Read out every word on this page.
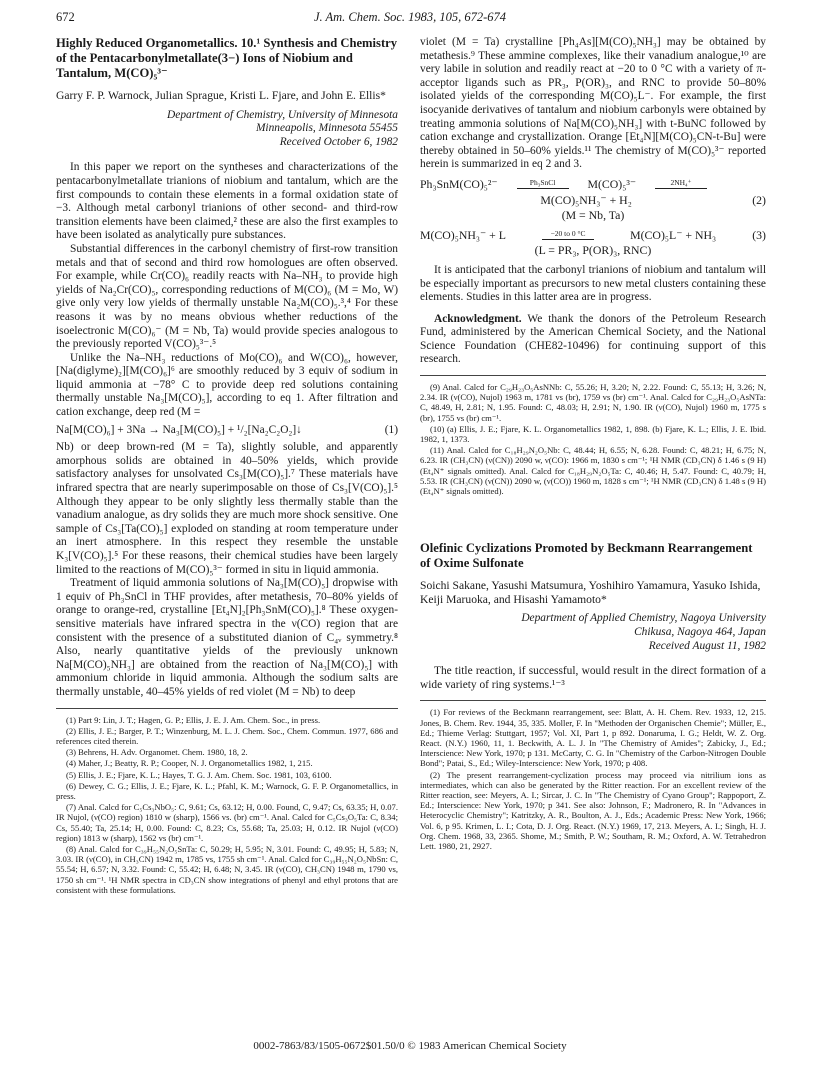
672	J. Am. Chem. Soc. 1983, 105, 672-674
Highly Reduced Organometallics. 10.¹ Synthesis and Chemistry of the Pentacarbonylmetallate(3−) Ions of Niobium and Tantalum, M(CO)₅³⁻
Garry F. P. Warnock, Julian Sprague, Kristi L. Fjare, and John E. Ellis*
Department of Chemistry, University of Minnesota
Minneapolis, Minnesota 55455
Received October 6, 1982

In this paper we report on the syntheses and characterizations of the pentacarbonylmetallate trianions of niobium and tantalum, which are the first compounds to contain these elements in a formal oxidation state of −3. Although metal carbonyl trianions of other second- and third-row transition elements have been claimed,² these are also the first examples to have been isolated as analytically pure substances.

Substantial differences in the carbonyl chemistry of first-row transition metals and that of second and third row homologues are often observed. For example, while Cr(CO)₆ readily reacts with Na–NH₃ to provide high yields of Na₂Cr(CO)₅, corresponding reductions of M(CO)₆ (M = Mo, W) give only very low yields of thermally unstable Na₂M(CO)₅.³,⁴ For these reasons it was by no means obvious whether reductions of the isoelectronic M(CO)₆⁻ (M = Nb, Ta) would provide species analogous to the previously reported V(CO)₅³⁻.⁵

Unlike the Na–NH₃ reductions of Mo(CO)₆ and W(CO)₆, however, [Na(diglyme)₂][M(CO)₆]⁶ are smoothly reduced by 3 equiv of sodium in liquid ammonia at −78° C to provide deep red solutions containing thermally unstable Na₃[M(CO)₅], according to eq 1. After filtration and cation exchange, deep red (M =

Na[M(CO)₆] + 3Na → Na₃[M(CO)₅] + ¹/₂[Na₂C₂O₂]↓	(1)

Nb) or deep brown-red (M = Ta), slightly soluble, and apparently amorphous solids are obtained in 40–50% yields, which provide satisfactory analyses for unsolvated Cs₃[M(CO)₅].⁷ These materials have infrared spectra that are nearly superimposable on those of Cs₃[V(CO)₅].⁵ Although they appear to be only slightly less thermally stable than the vanadium analogue, as dry solids they are much more shock sensitive. One sample of Cs₃[Ta(CO)₅] exploded on standing at room temperature under an inert atmosphere. In this respect they resemble the unstable K₃[V(CO)₅].⁵ For these reasons, their chemical studies have been largely limited to the reactions of M(CO)₅³⁻ formed in situ in liquid ammonia.

Treatment of liquid ammonia solutions of Na₃[M(CO)₅] dropwise with 1 equiv of Ph₃SnCl in THF provides, after metathesis, 70–80% yields of orange to orange-red, crystalline [Et₄N]₂[Ph₃SnM(CO)₅].⁸ These oxygen-sensitive materials have infrared spectra in the ν(CO) region that are consistent with the presence of a substituted dianion of C₄ᵥ symmetry.⁸ Also, nearly quantitative yields of the previously unknown Na[M(CO)₅NH₃] are obtained from the reaction of Na₃[M(CO)₅] with ammonium chloride in liquid ammonia. Although the sodium salts are thermally unstable, 40–45% yields of red violet (M = Nb) to deep

(1) Part 9: Lin, J. T.; Hagen, G. P.; Ellis, J. E. J. Am. Chem. Soc., in press.
(2) Ellis, J. E.; Barger, P. T.; Winzenburg, M. L. J. Chem. Soc., Chem. Commun. 1977, 686 and references cited therein.
(3) Behrens, H. Adv. Organomet. Chem. 1980, 18, 2.
(4) Maher, J.; Beatty, R. P.; Cooper, N. J. Organometallics 1982, 1, 215.
(5) Ellis, J. E.; Fjare, K. L.; Hayes, T. G. J. Am. Chem. Soc. 1981, 103, 6100.
(6) Dewey, C. G.; Ellis, J. E.; Fjare, K. L.; Pfahl, K. M.; Warnock, G. F. P. Organometallics, in press.
(7) Anal. Calcd for C₅Cs₃NbO₅: C, 9.61; Cs, 63.12; H, 0.00. Found, C, 9.47; Cs, 63.35; H, 0.07. IR Nujol, (ν(CO) region) 1810 w (sharp), 1566 vs. (br) cm⁻¹. Anal. Calcd for C₅Cs₃O₅Ta: C, 8.34; Cs, 55.40; Ta, 25.14; H, 0.00. Found: C, 8.23; Cs, 55.68; Ta, 25.03; H, 0.12. IR Nujol (ν(CO) region) 1813 w (sharp), 1562 vs (br) cm⁻¹.
(8) Anal. Calcd for C₃₉H₅₅N₂O₅SnTa: C, 50.29; H, 5.95; N, 3.01. Found: C, 49.95; H, 5.83; N, 3.03. IR (ν(CO), in CH₃CN) 1942 m, 1785 vs, 1755 sh cm⁻¹. Anal. Calcd for C₃₉H₅₅N₂O₅NbSn: C, 55.54; H, 6.57; N, 3.32. Found: C, 55.42; H, 6.48; N, 3.45. IR (ν(CO), CH₃CN) 1948 m, 1790 vs, 1750 sh cm⁻¹. ¹H NMR spectra in CD₃CN show integrations of phenyl and ethyl protons that are consistent with these formulations.

violet (M = Ta) crystalline [Ph₄As][M(CO)₅NH₃] may be obtained by metathesis.⁹ These ammine complexes, like their vanadium analogue,¹⁰ are very labile in solution and readily react at −20 to 0 °C with a variety of π-acceptor ligands such as PR₃, P(OR)₃, and RNC to provide 50–80% isolated yields of the corresponding M(CO)₅L⁻. For example, the first isocyanide derivatives of tantalum and niobium carbonyls were obtained by treating ammonia solutions of Na[M(CO)₅NH₃] with t-BuNC followed by cation exchange and crystallization. Orange [Et₄N][M(CO)₅CN-t-Bu] were thereby obtained in 50–60% yields.¹¹ The chemistry of M(CO)₅³⁻ reported herein is summarized in eq 2 and 3.

Ph₃SnM(CO)₅²⁻	Ph₃SnCl	M(CO)₅³⁻	2NH₄⁺
M(CO)₅NH₃⁻ + H₂	(2)
(M = Nb, Ta)
M(CO)₅NH₃⁻ + L	−20 to 0 °C	M(CO)₅L⁻ + NH₃	(3)
(L = PR₃, P(OR)₃, RNC)

It is anticipated that the carbonyl trianions of niobium and tantalum will be especially important as precursors to new metal clusters containing these elements. Studies in this latter area are in progress.

Acknowledgment. We thank the donors of the Petroleum Research Fund, administered by the American Chemical Society, and the National Science Foundation (CHE82-10496) for continuing support of this research.

(9) Anal. Calcd for C₂₉H₂₃O₅AsNNb: C, 55.26; H, 3.20; N, 2.22. Found: C, 55.13; H, 3.26; N, 2.34. IR (ν(CO), Nujol) 1963 m, 1781 vs (br), 1759 vs (br) cm⁻¹. Anal. Calcd for C₂₉H₂₃O₅AsNTa: C, 48.49, H, 2.81; N, 1.95. Found: C, 48.03; H, 2.91; N, 1.90. IR (ν(CO), Nujol) 1960 m, 1775 s (br), 1755 vs (br) cm⁻¹.
(10) (a) Ellis, J. E.; Fjare, K. L. Organometallics 1982, 1, 898. (b) Fjare, K. L.; Ellis, J. E. Ibid. 1982, 1, 1373.
(11) Anal. Calcd for C₁₈H₂₉N₂O₅Nb: C, 48.44; H, 6.55; N, 6.28. Found: C, 48.21; H, 6.75; N, 6.23. IR (CH₃CN) (ν(CN)) 2090 w, ν(CO): 1966 m, 1830 s cm⁻¹; ¹H NMR (CD₃CN) δ 1.46 s (9 H) (Et₄N⁺ signals omitted). Anal. Calcd for C₁₈H₂₉N₂O₅Ta: C, 40.46; H, 5.47. Found: C, 40.79; H, 5.53. IR (CH₃CN) (ν(CN)) 2090 w, (ν(CO)) 1960 m, 1828 s cm⁻¹; ¹H NMR (CD₃CN) δ 1.48 s (9 H) (Et₄N⁺ signals omitted).
Olefinic Cyclizations Promoted by Beckmann Rearrangement of Oxime Sulfonate
Soichi Sakane, Yasushi Matsumura, Yoshihiro Yamamura, Yasuko Ishida, Keiji Maruoka, and Hisashi Yamamoto*
Department of Applied Chemistry, Nagoya University
Chikusa, Nagoya 464, Japan
Received August 11, 1982

The title reaction, if successful, would result in the direct formation of a wide variety of ring systems.¹⁻³

(1) For reviews of the Beckmann rearrangement, see: Blatt, A. H. Chem. Rev. 1933, 12, 215. Jones, B. Chem. Rev. 1944, 35, 335. Moller, F. In "Methoden der Organischen Chemie"; Müller, E., Ed.; Thieme Verlag: Stuttgart, 1957; Vol. XI, Part 1, p 892. Donaruma, I. G.; Heldt, W. Z. Org. React. (N.Y.) 1960, 11, 1. Beckwith, A. L. J. In "The Chemistry of Amides"; Zabicky, J., Ed.; Interscience: New York, 1970; p 131. McCarty, C. G. In "Chemistry of the Carbon-Nitrogen Double Bond"; Patai, S., Ed.; Wiley-Interscience: New York, 1970; p 408.
(2) The present rearrangement-cyclization process may proceed via nitrilium ions as intermediates, which can also be generated by the Ritter reaction. For an excellent review of the Ritter reaction, see: Meyers, A. I.; Sircar, J. C. In "The Chemistry of Cyano Group"; Rappoport, Z. Ed.; Interscience: New York, 1970; p 341. See also: Johnson, F.; Madronero, R. In "Advances in Heterocyclic Chemistry"; Katritzky, A. R., Boulton, A. J., Eds.; Academic Press: New York, 1966; Vol. 6, p 95. Krimen, L. I.; Cota, D. J. Org. React. (N.Y.) 1969, 17, 213. Meyers, A. I.; Singh, H. J. Org. Chem. 1968, 33, 2365. Shome, M.; Smith, P. W.; Southam, R. M.; Oxford, A. W. Tetrahedron Lett. 1980, 21, 2927.
0002-7863/83/1505-0672$01.50/0 © 1983 American Chemical Society
